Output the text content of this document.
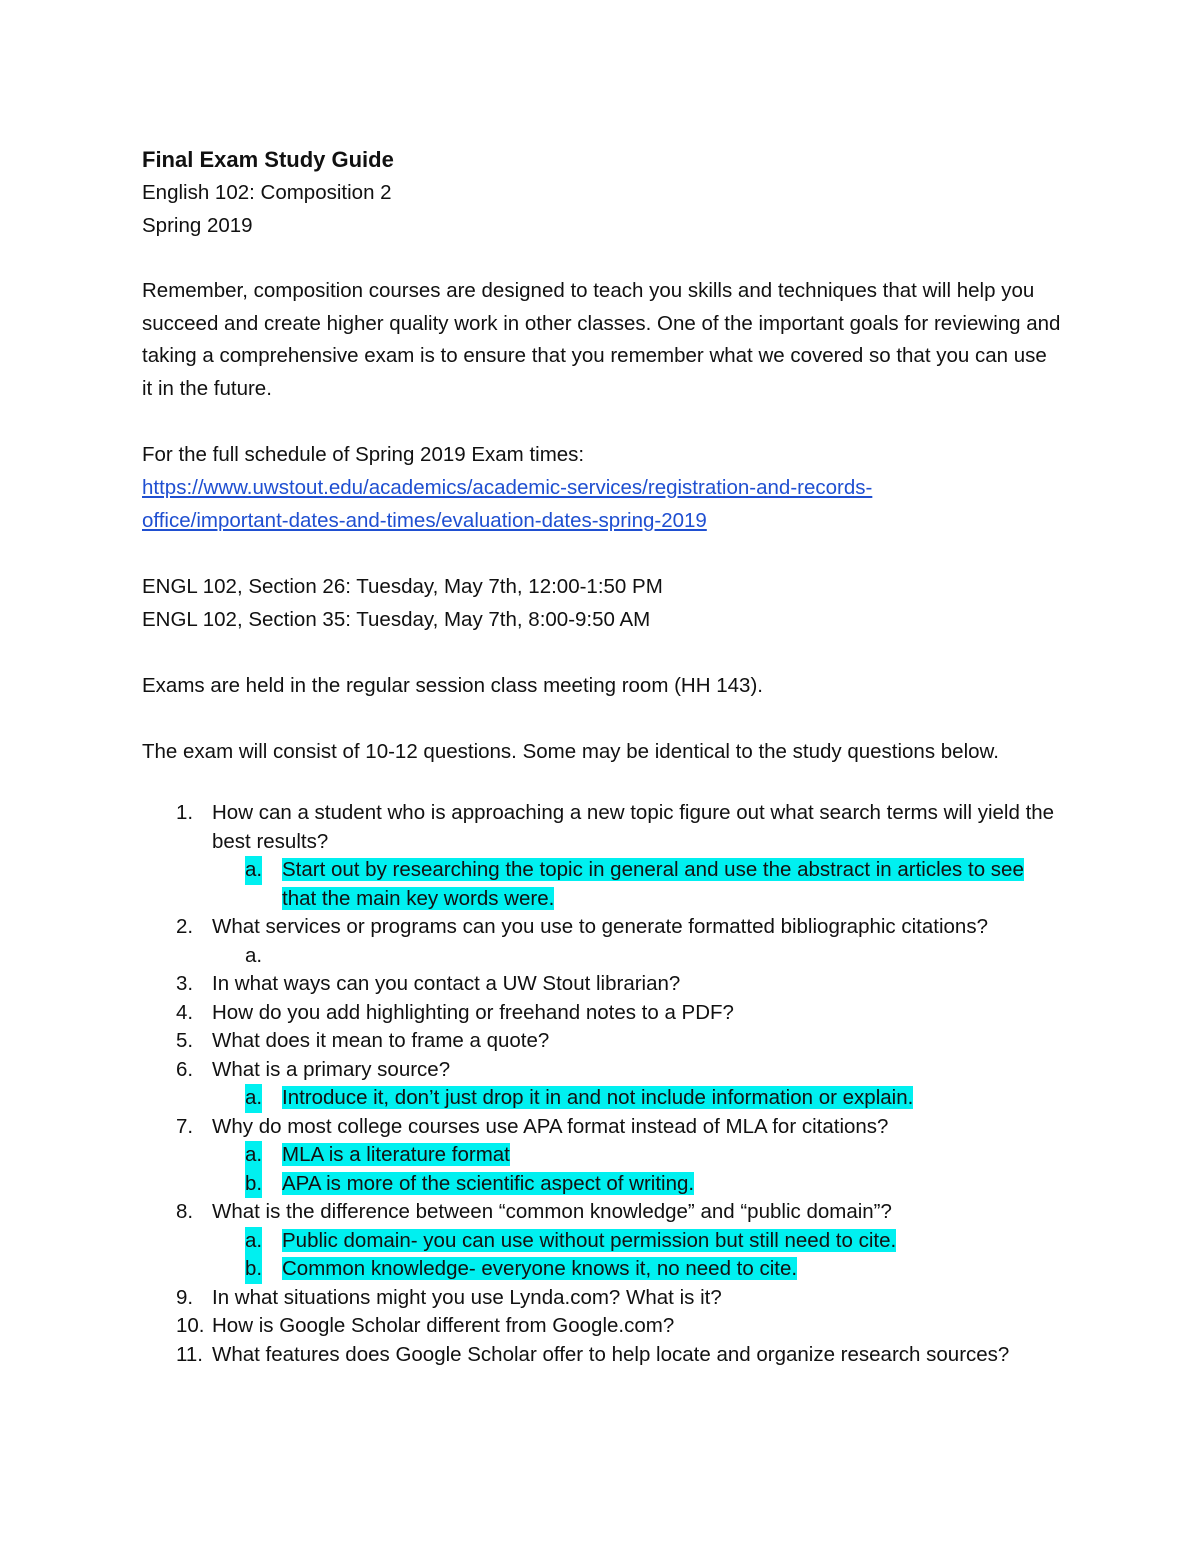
Final Exam Study Guide

English 102: Composition 2

Spring 2019

Remember, composition courses are designed to teach you skills and techniques that will help you succeed and create higher quality work in other classes. One of the important goals for reviewing and taking a comprehensive exam is to ensure that you remember what we covered so that you can use it in the future.

For the full schedule of Spring 2019 Exam times:

https://www.uwstout.edu/academics/academic-services/registration-and-records-
office/important-dates-and-times/evaluation-dates-spring-2019

ENGL 102, Section 26: Tuesday, May 7th, 12:00-1:50 PM

ENGL 102, Section 35: Tuesday, May 7th, 8:00-9:50 AM

Exams are held in the regular session class meeting room (HH 143).

The exam will consist of 10-12 questions. Some may be identical to the study questions below.

1. How can a student who is approaching a new topic figure out what search terms will yield the best results?
a. Start out by researching the topic in general and use the abstract in articles to see that the main key words were.
2. What services or programs can you use to generate formatted bibliographic citations?
a.

3. In what ways can you contact a UW Stout librarian?
4. How do you add highlighting or freehand notes to a PDF?
5. What does it mean to frame a quote?
6. What is a primary source?
a. Introduce it, don’t just drop it in and not include information or explain.
7. Why do most college courses use APA format instead of MLA for citations?
a. MLA is a literature format
b. APA is more of the scientific aspect of writing.
8. What is the difference between “common knowledge” and “public domain”?
a. Public domain- you can use without permission but still need to cite.
b. Common knowledge- everyone knows it, no need to cite.
9. In what situations might you use Lynda.com? What is it?
10. How is Google Scholar different from Google.com?
11. What features does Google Scholar offer to help locate and organize research sources?
